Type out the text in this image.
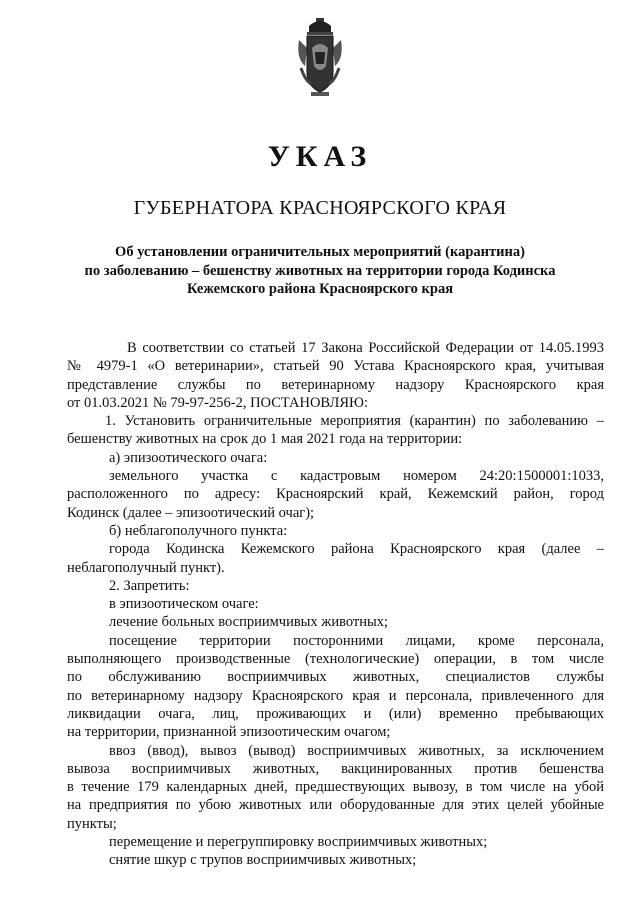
УКАЗ
ГУБЕРНАТОРА КРАСНОЯРСКОГО КРАЯ
Об установлении ограничительных мероприятий (карантина)
по заболеванию – бешенству животных на территории города Кодинска
Кежемского района Красноярского края

В соответствии со статьей 17 Закона Российской Федерации от 14.05.1993

№ 4979-1 «О ветеринарии», статьей 90 Устава Красноярского края, учитывая

представление службы по ветеринарному надзору Красноярского края

от 01.03.2021 № 79-97-256-2, ПОСТАНОВЛЯЮ:

1. Установить ограничительные мероприятия (карантин) по заболеванию –

бешенству животных на срок до 1 мая 2021 года на территории:

а) эпизоотического очага:

земельного участка с кадастровым номером 24:20:1500001:1033,

расположенного по адресу: Красноярский край, Кежемский район, город

Кодинск (далее – эпизоотический очаг);

б) неблагополучного пункта:

города Кодинска Кежемского района Красноярского края (далее –

неблагополучный пункт).

2. Запретить:

в эпизоотическом очаге:

лечение больных восприимчивых животных;

посещение территории посторонними лицами, кроме персонала,

выполняющего производственные (технологические) операции, в том числе

по обслуживанию восприимчивых животных, специалистов службы

по ветеринарному надзору Красноярского края и персонала, привлеченного для

ликвидации очага, лиц, проживающих и (или) временно пребывающих

на территории, признанной эпизоотическим очагом;

ввоз (ввод), вывоз (вывод) восприимчивых животных, за исключением

вывоза восприимчивых животных, вакцинированных против бешенства

в течение 179 календарных дней, предшествующих вывозу, в том числе на убой

на предприятия по убою животных или оборудованные для этих целей убойные

пункты;

перемещение и перегруппировку восприимчивых животных;

снятие шкур с трупов восприимчивых животных;
